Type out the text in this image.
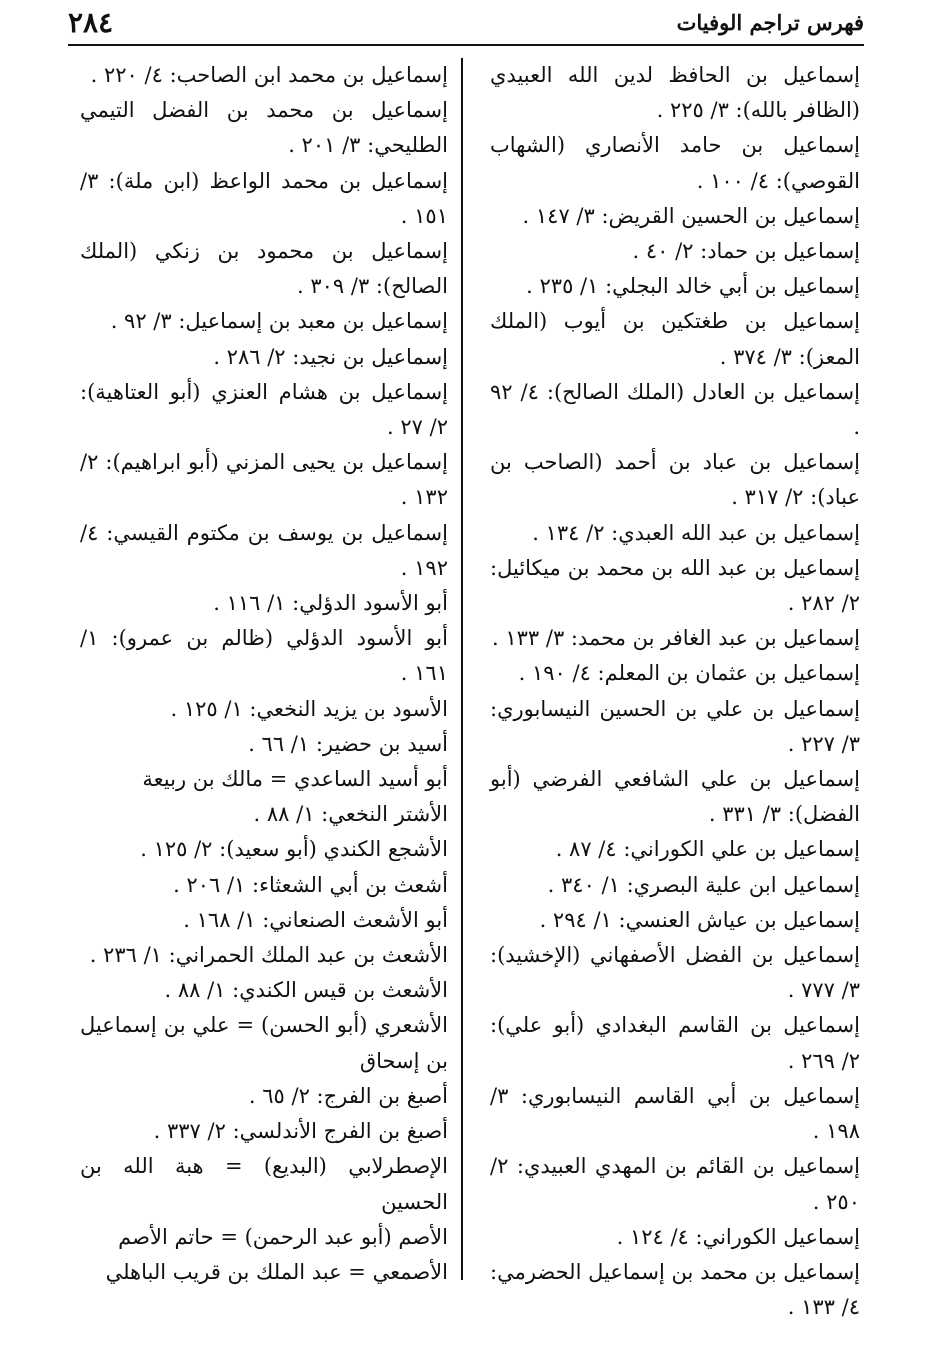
٢٨٤	فهرس تراجم الوفيات

إسماعيل بن الحافظ لدين الله العبيدي (الظافر بالله): ٣/ ٢٢٥ .

إسماعيل بن حامد الأنصاري (الشهاب القوصي): ٤/ ١٠٠ .

إسماعيل بن الحسين القريض: ٣/ ١٤٧ .

إسماعيل بن حماد: ٢/ ٤٠ .

إسماعيل بن أبي خالد البجلي: ١/ ٢٣٥ .

إسماعيل بن طغتكين بن أيوب (الملك المعز): ٣/ ٣٧٤ .

إسماعيل بن العادل (الملك الصالح): ٤/ ٩٢ .

إسماعيل بن عباد بن أحمد (الصاحب بن عباد): ٢/ ٣١٧ .

إسماعيل بن عبد الله العبدي: ٢/ ١٣٤ .

إسماعيل بن عبد الله بن محمد بن ميكائيل: ٢/ ٢٨٢ .

إسماعيل بن عبد الغافر بن محمد: ٣/ ١٣٣ .

إسماعيل بن عثمان بن المعلم: ٤/ ١٩٠ .

إسماعيل بن علي بن الحسين النيسابوري: ٣/ ٢٢٧ .

إسماعيل بن علي الشافعي الفرضي (أبو الفضل): ٣/ ٣٣١ .

إسماعيل بن علي الكوراني: ٤/ ٨٧ .

إسماعيل ابن علية البصري: ١/ ٣٤٠ .

إسماعيل بن عياش العنسي: ١/ ٢٩٤ .

إسماعيل بن الفضل الأصفهاني (الإخشيد): ٣/ ٧٧٧ .

إسماعيل بن القاسم البغدادي (أبو علي): ٢/ ٢٦٩ .

إسماعيل بن أبي القاسم النيسابوري: ٣/ ١٩٨ .

إسماعيل بن القائم بن المهدي العبيدي: ٢/ ٢٥٠ .

إسماعيل الكوراني: ٤/ ١٢٤ .

إسماعيل بن محمد بن إسماعيل الحضرمي: ٤/ ١٣٣ .

إسماعيل بن محمد ابن الصاحب: ٤/ ٢٢٠ .

إسماعيل بن محمد بن الفضل التيمي الطليحي: ٣/ ٢٠١ .

إسماعيل بن محمد الواعظ (ابن ملة): ٣/ ١٥١ .

إسماعيل بن محمود بن زنكي (الملك الصالح): ٣/ ٣٠٩ .

إسماعيل بن معبد بن إسماعيل: ٣/ ٩٢ .

إسماعيل بن نجيد: ٢/ ٢٨٦ .

إسماعيل بن هشام العنزي (أبو العتاهية): ٢/ ٢٧ .

إسماعيل بن يحيى المزني (أبو ابراهيم): ٢/ ١٣٢ .

إسماعيل بن يوسف بن مكتوم القيسي: ٤/ ١٩٢ .

أبو الأسود الدؤلي: ١/ ١١٦ .

أبو الأسود الدؤلي (ظالم بن عمرو): ١/ ١٦١ .

الأسود بن يزيد النخعي: ١/ ١٢٥ .

أسيد بن حضير: ١/ ٦٦ .

أبو أسيد الساعدي = مالك بن ربيعة

الأشتر النخعي: ١/ ٨٨ .

الأشجع الكندي (أبو سعيد): ٢/ ١٢٥ .

أشعث بن أبي الشعثاء: ١/ ٢٠٦ .

أبو الأشعث الصنعاني: ١/ ١٦٨ .

الأشعث بن عبد الملك الحمراني: ١/ ٢٣٦ .

الأشعث بن قيس الكندي: ١/ ٨٨ .

الأشعري (أبو الحسن) = علي بن إسماعيل بن إسحاق

أصبغ بن الفرج: ٢/ ٦٥ .

أصبغ بن الفرج الأندلسي: ٢/ ٣٣٧ .

الإصطرلابي (البديع) = هبة الله بن الحسين

الأصم (أبو عبد الرحمن) = حاتم الأصم

الأصمعي = عبد الملك بن قريب الباهلي
